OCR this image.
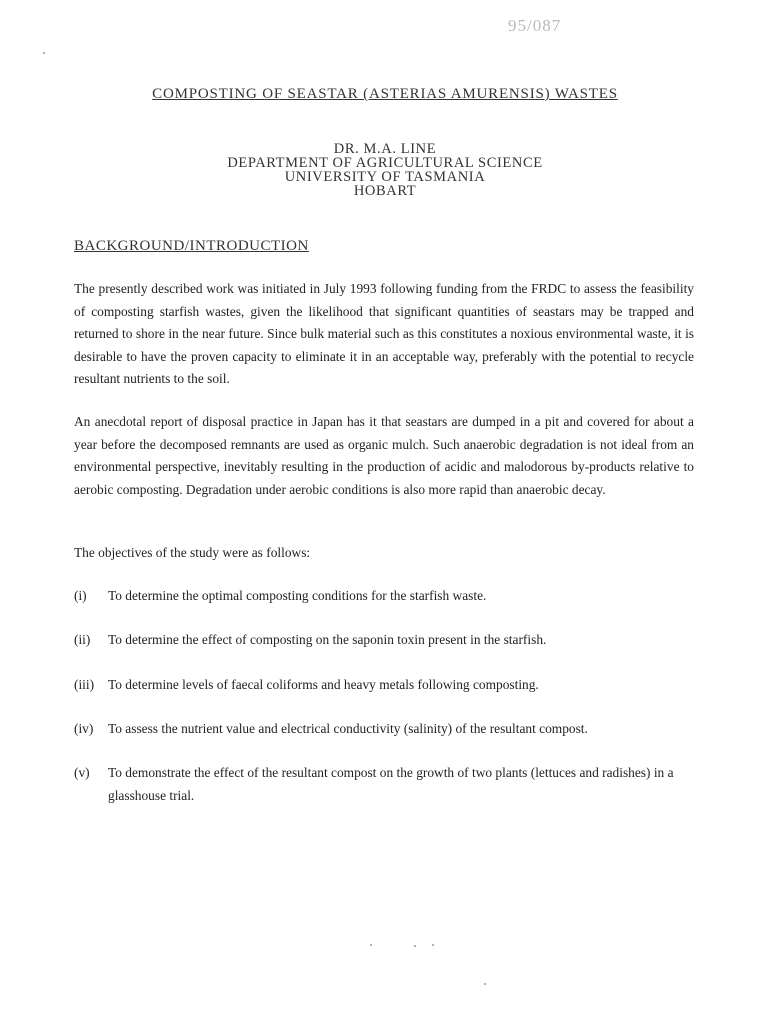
95/087
COMPOSTING OF SEASTAR (ASTERIAS AMURENSIS) WASTES
DR. M.A. LINE
DEPARTMENT OF AGRICULTURAL SCIENCE
UNIVERSITY OF TASMANIA
HOBART
BACKGROUND/INTRODUCTION
The presently described work was initiated in July 1993 following funding from the FRDC to assess the feasibility of composting starfish wastes, given the likelihood that significant quantities of seastars may be trapped and returned to shore in the near future. Since bulk material such as this constitutes a noxious environmental waste, it is desirable to have the proven capacity to eliminate it in an acceptable way, preferably with the potential to recycle resultant nutrients to the soil.
An anecdotal report of disposal practice in Japan has it that seastars are dumped in a pit and covered for about a year before the decomposed remnants are used as organic mulch. Such anaerobic degradation is not ideal from an environmental perspective, inevitably resulting in the production of acidic and malodorous by-products relative to aerobic composting. Degradation under aerobic conditions is also more rapid than anaerobic decay.
The objectives of the study were as follows:
(i)	To determine the optimal composting conditions for the starfish waste.
(ii)	To determine the effect of composting on the saponin toxin present in the starfish.
(iii)	To determine levels of faecal coliforms and heavy metals following composting.
(iv)	To assess the nutrient value and electrical conductivity (salinity) of the resultant compost.
(v)	To demonstrate the effect of the resultant compost on the growth of two plants (lettuces and radishes) in a glasshouse trial.
